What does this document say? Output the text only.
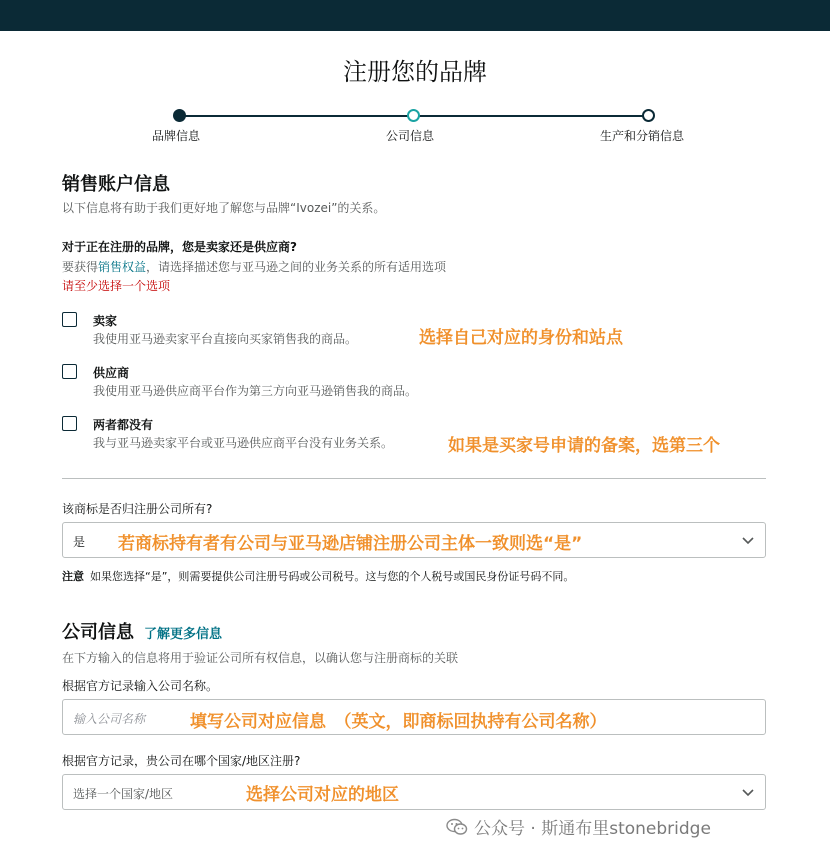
注册您的品牌
品牌信息	公司信息	生产和分销信息
销售账户信息
以下信息将有助于我们更好地了解您与品牌“Ivozei”的关系。
对于正在注册的品牌，您是卖家还是供应商?
要获得销售权益，请选择描述您与亚马逊之间的业务关系的所有适用选项
请至少选择一个选项
卖家
我使用亚马逊卖家平台直接向买家销售我的商品。	选择自己对应的身份和站点
供应商
我使用亚马逊供应商平台作为第三方向亚马逊销售我的商品。
两者都没有
我与亚马逊卖家平台或亚马逊供应商平台没有业务关系。	如果是买家号申请的备案，选第三个
该商标是否归注册公司所有?
是 若商标持有者有公司与亚马逊店铺注册公司主体一致则选“是”
注意 如果您选择“是”，则需要提供公司注册号码或公司税号。这与您的个人税号或国民身份证号码不同。
公司信息 了解更多信息
在下方输入的信息将用于验证公司所有权信息，以确认您与注册商标的关联
根据官方记录输入公司名称。
输入公司名称	填写公司对应信息　（英文，即商标回执持有公司名称）
根据官方记录，贵公司在哪个国家/地区注册?
选择一个国家/地区	选择公司对应的地区
公众号 · 斯通布里stonebridge
